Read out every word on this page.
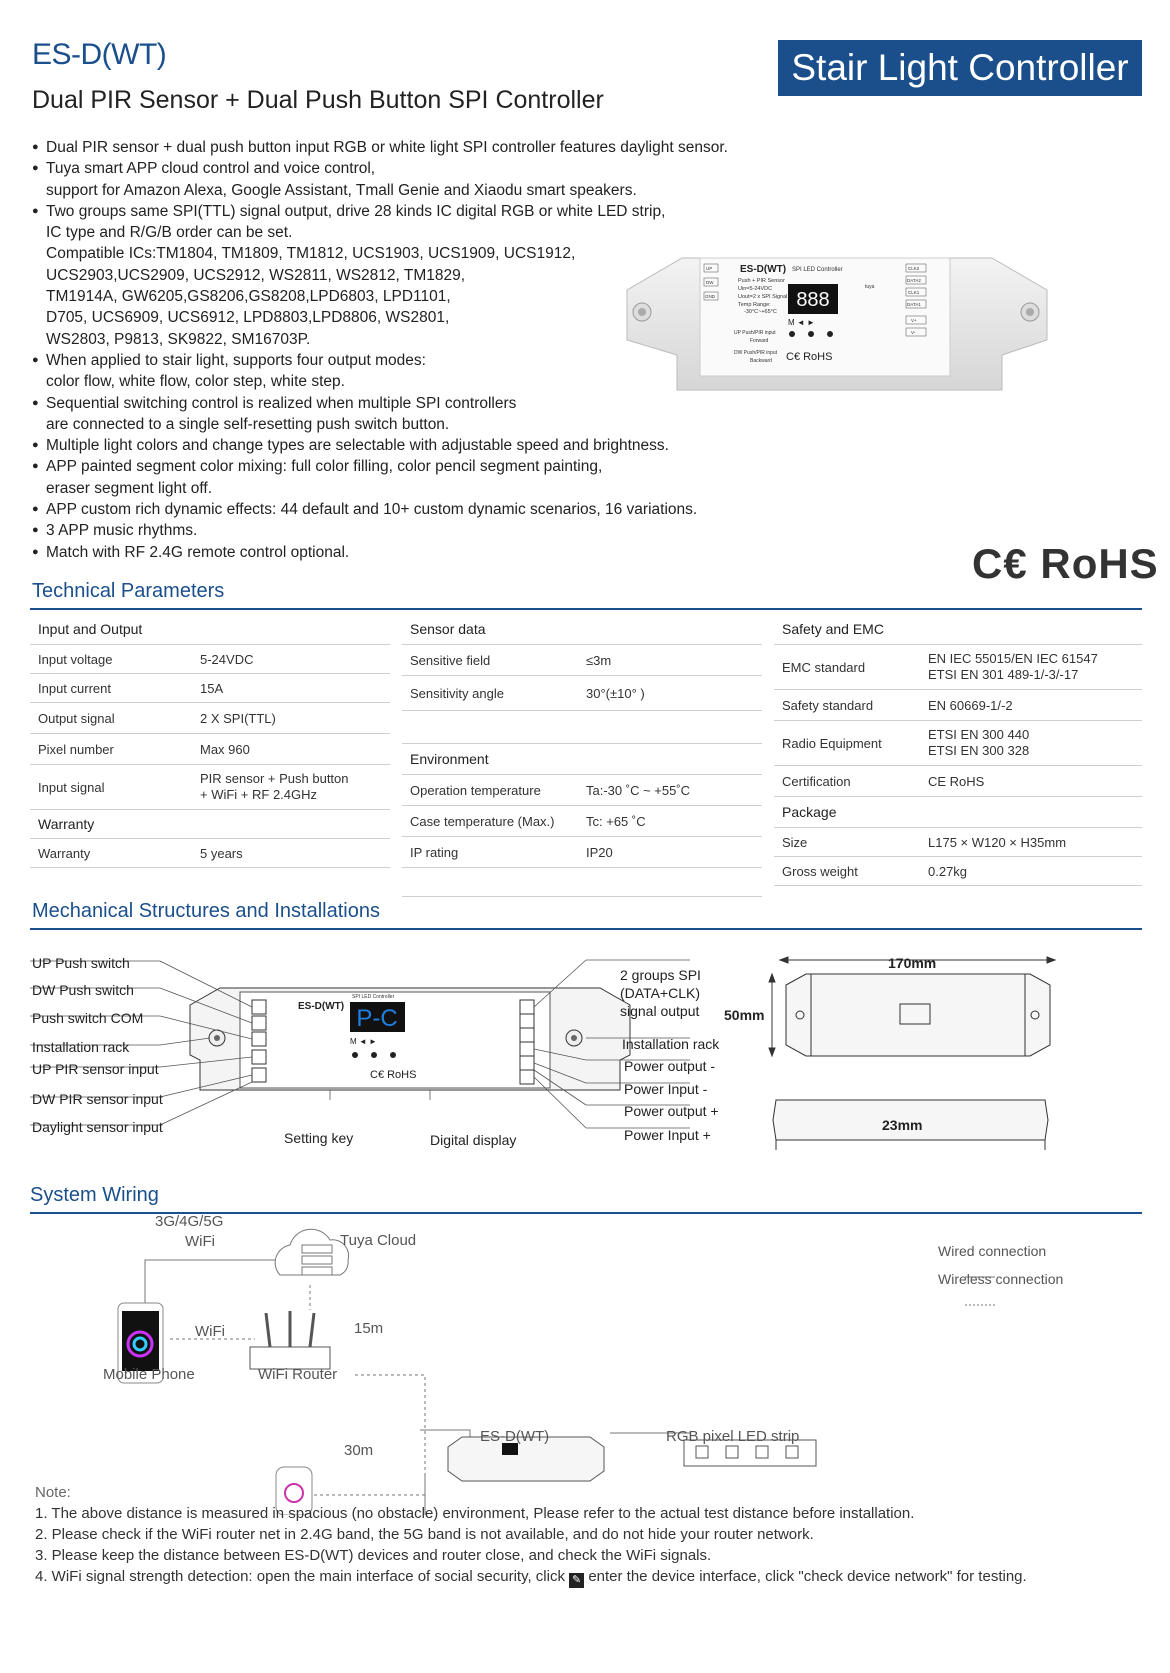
ES-D(WT)
Dual PIR Sensor + Dual Push Button SPI Controller
Stair Light Controller
● Dual PIR sensor + dual push button input RGB or white light SPI controller features daylight sensor.
● Tuya smart APP cloud control and voice control,
support for Amazon Alexa, Google Assistant, Tmall Genie and Xiaodu smart speakers.
● Two groups same SPI(TTL) signal output, drive 28 kinds IC digital RGB or white LED strip,
IC type and R/G/B order can be set.
Compatible ICs:TM1804, TM1809, TM1812, UCS1903, UCS1909, UCS1912,
UCS2903,UCS2909, UCS2912, WS2811, WS2812, TM1829,
TM1914A, GW6205,GS8206,GS8208,LPD6803, LPD1101,
D705, UCS6909, UCS6912, LPD8803,LPD8806, WS2801,
WS2803, P9813, SK9822, SM16703P.
● When applied to stair light, supports four output modes:
color flow, white flow, color step, white step.
● Sequential switching control is realized when multiple SPI controllers
are connected to a single self-resetting push switch button.
● Multiple light colors and change types are selectable with adjustable speed and brightness.
● APP painted segment color mixing: full color filling, color pencil segment painting,
eraser segment light off.
● APP custom rich dynamic effects: 44 default and 10+ custom dynamic scenarios, 16 variations.
● 3 APP music rhythms.
● Match with RF 2.4G remote control optional.
ES-D(WT) SPI LED Controller
Push + PIR Sensor
Uin=5-24VDC
Uout=2 x SPI Signal
Temp Range:
-30°C~+65°C
888
M ◄ ►
UP Push/PIR input
Forward
DW Push/PIR input
Backward C€ RoHS
UP
DW
GND
tuya
CLK2
DATA2
CLK1
DATA1
V+
V-
C€ RoHS
Technical Parameters
Input and Output	
Input voltage	5-24VDC
Input current	15A
Output signal	2 X SPI(TTL)
Pixel number	Max 960
Input signal	PIR sensor + Push button
+ WiFi + RF 2.4GHz
Warranty	
Warranty	5 years
Sensor data	
Sensitive field	≤3m
Sensitivity angle	30°(±10° )

Environment	
Operation temperature	Ta:-30 ˚C ~ +55˚C
Case temperature (Max.)	Tc: +65 ˚C
IP rating	IP20

Safety and EMC	
EMC standard	EN IEC 55015/EN IEC 61547
ETSI EN 301 489-1/-3/-17
Safety standard	EN 60669-1/-2
Radio Equipment	ETSI EN 300 440
ETSI EN 300 328
Certification	CE RoHS
Package	
Size	L175 × W120 × H35mm
Gross weight	0.27kg
Mechanical Structures and Installations
P-C
ES-D(WT)
SPI LED Controller
M ◄ ►
C€ RoHS
170mm
50mm
23mm
UP Push switch
DW Push switch
Push switch COM
Installation rack
UP PIR sensor input
DW PIR sensor input
Daylight sensor input
Setting key	Digital display
2 groups SPI
(DATA+CLK)
signal output
Installation rack
Power output -
Power Input -
Power output +
Power Input +
System Wiring
3G/4G/5G
WiFi	Tuya Cloud
Wired connection
Wireless connection
WiFi	15m
Mobile Phone	WiFi Router
ES-D(WT)	RGB pixel LED strip
30m
Note:
1. The above distance is measured in spacious (no obstacle) environment, Please refer to the actual test distance before installation.
2. Please check if the WiFi router net in 2.4G band, the 5G band is not available, and do not hide your router network.
3. Please keep the distance between ES-D(WT) devices and router close, and check the WiFi signals.
4. WiFi signal strength detection: open the main interface of social security, click ✎ enter the device interface, click "check device network" for testing.
